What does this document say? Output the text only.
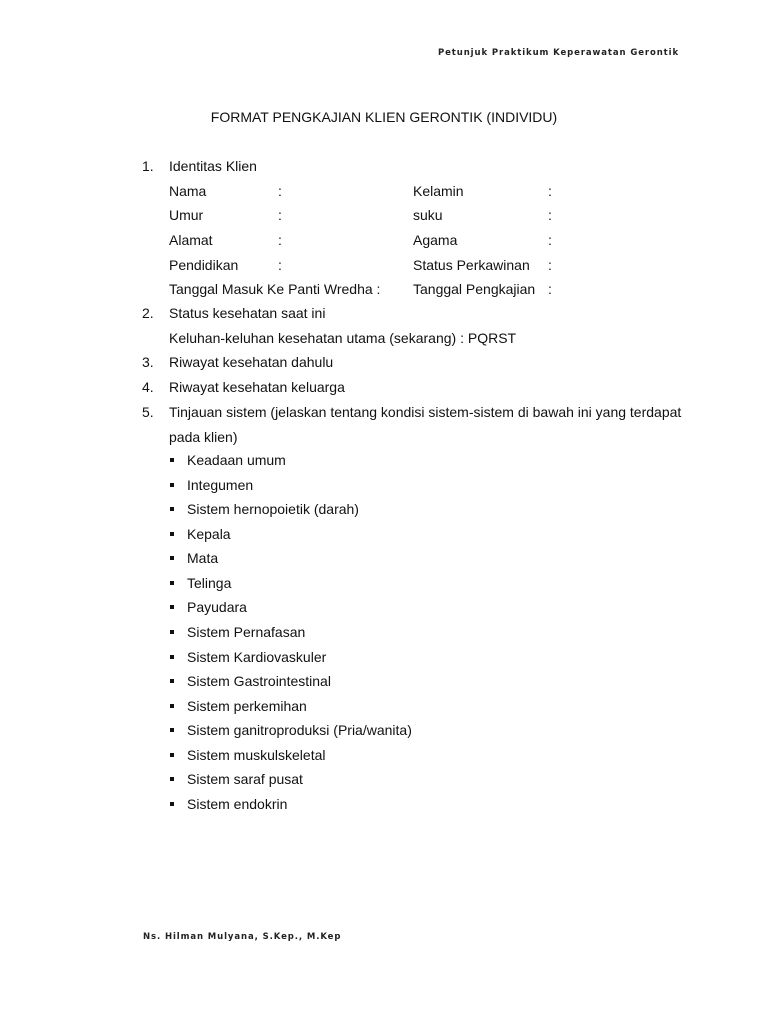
Petunjuk Praktikum Keperawatan Gerontik
FORMAT PENGKAJIAN KLIEN GERONTIK (INDIVIDU)
1. Identitas Klien
Nama	:	Kelamin	:
Umur	:	suku	:
Alamat	:	Agama	:
Pendidikan	:	Status Perkawinan :
Tanggal Masuk Ke Panti Wredha : Tanggal Pengkajian :
2. Status kesehatan saat ini
Keluhan-keluhan kesehatan utama (sekarang) : PQRST
3. Riwayat kesehatan dahulu
4. Riwayat kesehatan keluarga
5. Tinjauan sistem (jelaskan tentang kondisi sistem-sistem di bawah ini yang terdapat
pada klien)
Keadaan umum
Integumen
Sistem hernopoietik (darah)
Kepala
Mata
Telinga
Payudara
Sistem Pernafasan
Sistem Kardiovaskuler
Sistem Gastrointestinal
Sistem perkemihan
Sistem ganitroproduksi (Pria/wanita)
Sistem muskulskeletal
Sistem saraf pusat
Sistem endokrin
Ns. Hilman Mulyana, S.Kep., M.Kep
